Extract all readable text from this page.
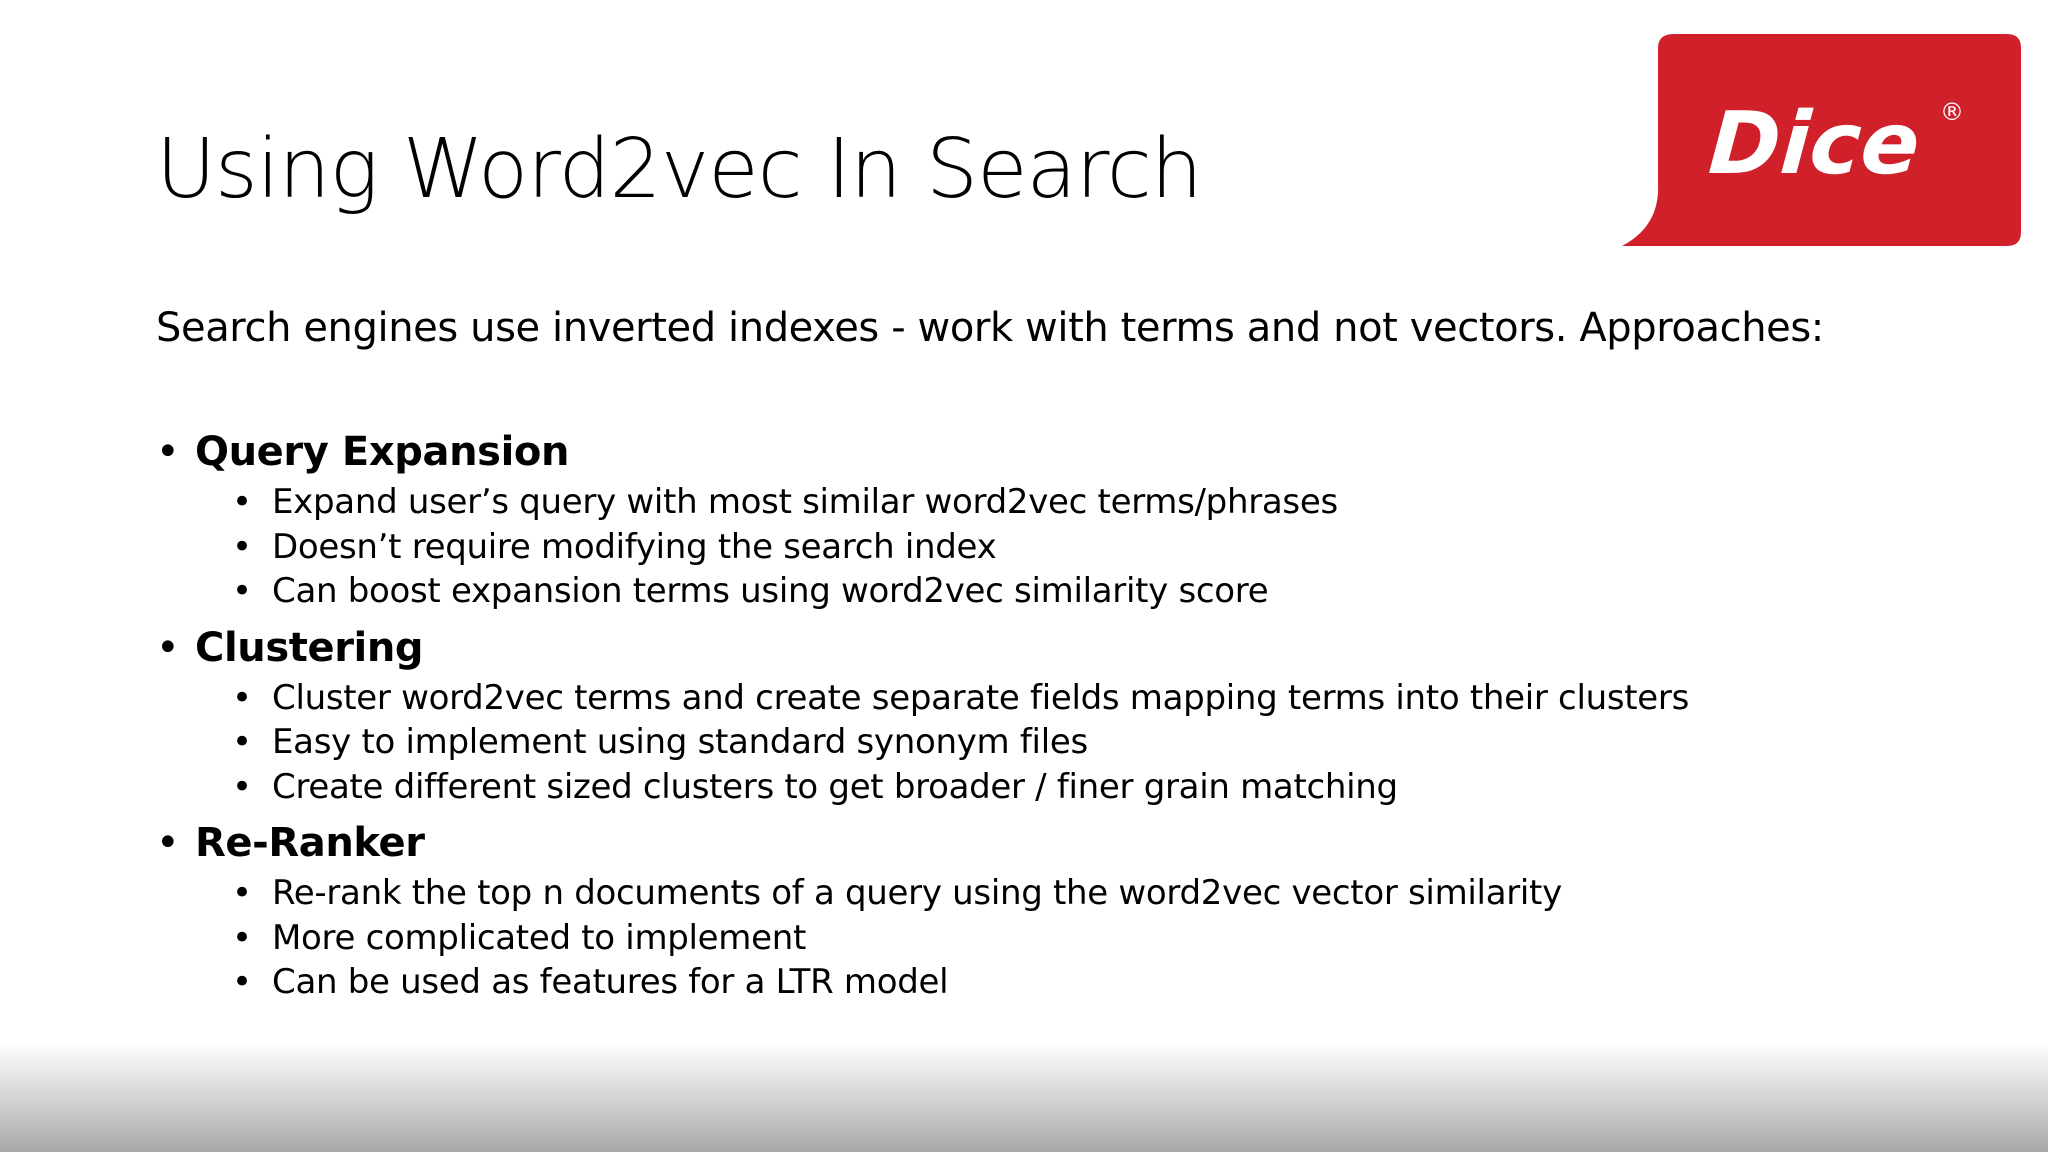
Using Word2vec In Search	Dice ®

Search engines use inverted indexes - work with terms and not vectors. Approaches:

• Query Expansion
• Expand user’s query with most similar word2vec terms/phrases
• Doesn’t require modifying the search index
• Can boost expansion terms using word2vec similarity score
• Clustering
• Cluster word2vec terms and create separate fields mapping terms into their clusters
• Easy to implement using standard synonym files
• Create different sized clusters to get broader / finer grain matching
• Re-Ranker
• Re-rank the top n documents of a query using the word2vec vector similarity
• More complicated to implement
• Can be used as features for a LTR model
